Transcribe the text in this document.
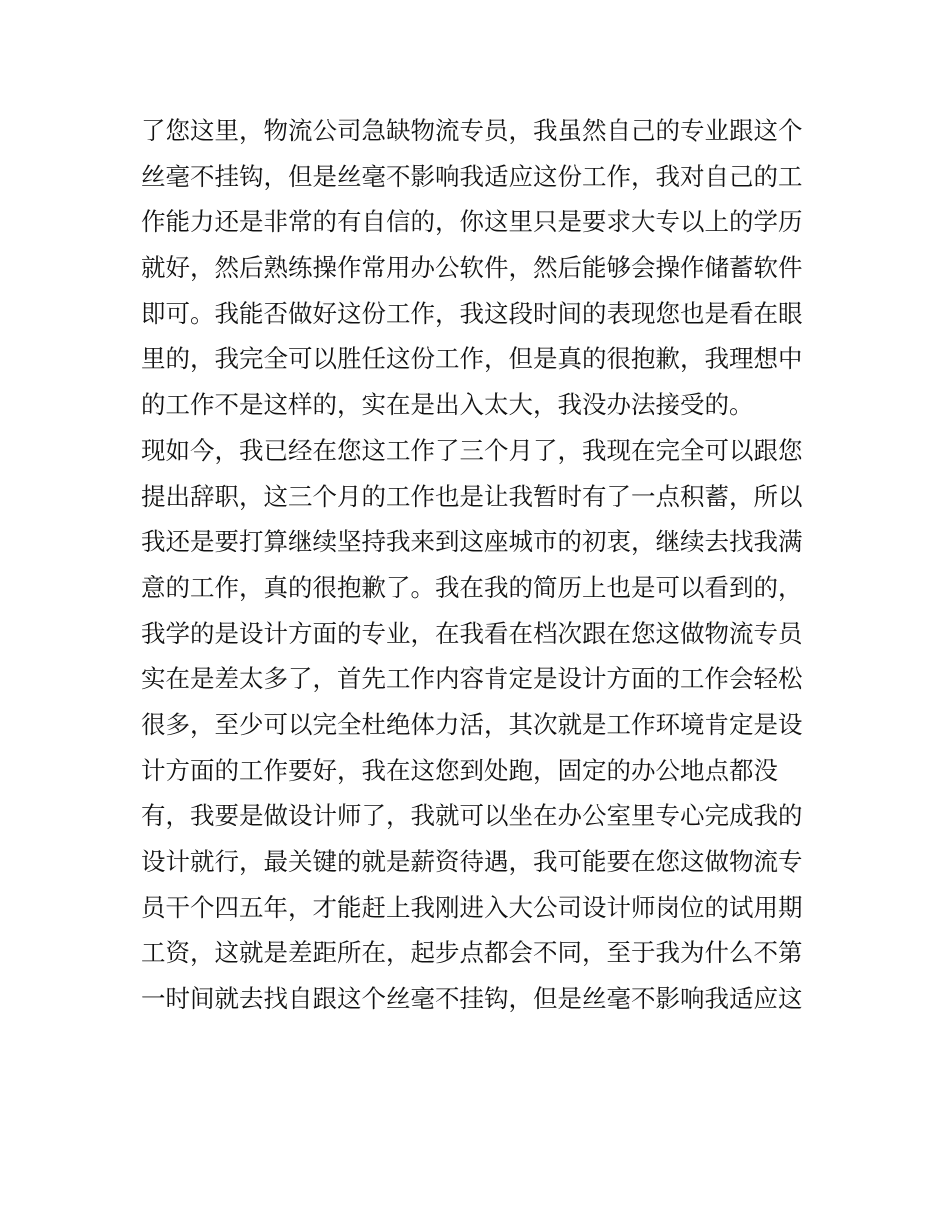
了您这里，物流公司急缺物流专员，我虽然自己的专业跟这个
丝毫不挂钩，但是丝毫不影响我适应这份工作，我对自己的工
作能力还是非常的有自信的，你这里只是要求大专以上的学历
就好，然后熟练操作常用办公软件，然后能够会操作储蓄软件
即可。我能否做好这份工作，我这段时间的表现您也是看在眼
里的，我完全可以胜任这份工作，但是真的很抱歉，我理想中
的工作不是这样的，实在是出入太大，我没办法接受的。
现如今，我已经在您这工作了三个月了，我现在完全可以跟您
提出辞职，这三个月的工作也是让我暂时有了一点积蓄，所以
我还是要打算继续坚持我来到这座城市的初衷，继续去找我满
意的工作，真的很抱歉了。我在我的简历上也是可以看到的，
我学的是设计方面的专业，在我看在档次跟在您这做物流专员
实在是差太多了，首先工作内容肯定是设计方面的工作会轻松
很多，至少可以完全杜绝体力活，其次就是工作环境肯定是设
计方面的工作要好，我在这您到处跑，固定的办公地点都没
有，我要是做设计师了，我就可以坐在办公室里专心完成我的
设计就行，最关键的就是薪资待遇，我可能要在您这做物流专
员干个四五年，才能赶上我刚进入大公司设计师岗位的试用期
工资，这就是差距所在，起步点都会不同，至于我为什么不第
一时间就去找自跟这个丝毫不挂钩，但是丝毫不影响我适应这
